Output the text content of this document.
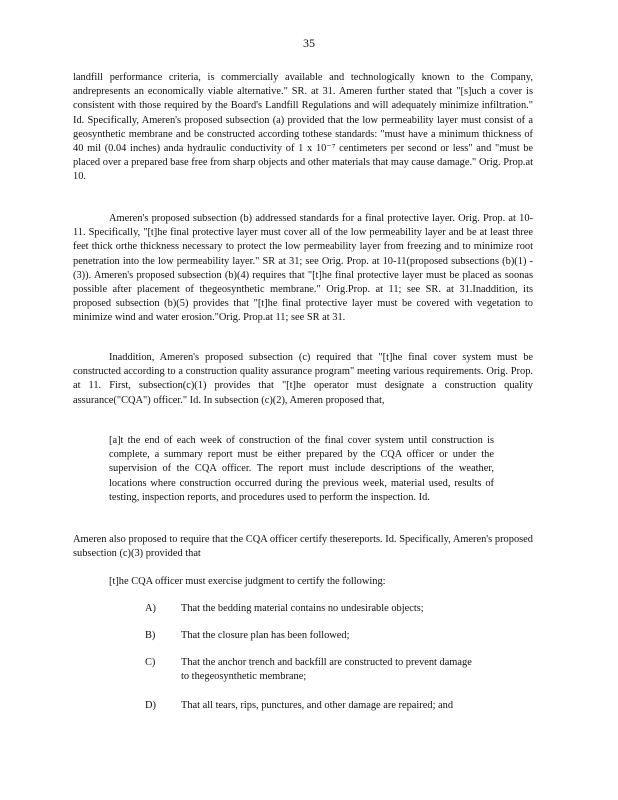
35

landfill performance criteria, is commercially available and technologically known to the Company, andrepresents an economically viable alternative." SR. at 31. Ameren further stated that "[s]uch a cover is consistent with those required by the Board's Landfill Regulations and will adequately minimize infiltration." Id. Specifically, Ameren's proposed subsection (a) provided that the low permeability layer must consist of a geosynthetic membrane and be constructed according tothese standards: "must have a minimum thickness of 40 mil (0.04 inches) anda hydraulic conductivity of 1 x 10⁻⁷ centimeters per second or less" and "must be placed over a prepared base free from sharp objects and other materials that may cause damage." Orig. Prop.at 10.

Ameren's proposed subsection (b) addressed standards for a final protective layer. Orig. Prop. at 10-11. Specifically, "[t]he final protective layer must cover all of the low permeability layer and be at least three feet thick orthe thickness necessary to protect the low permeability layer from freezing and to minimize root penetration into the low permeability layer." SR at 31; see Orig. Prop. at 10-11(proposed subsections (b)(1) - (3)). Ameren's proposed subsection (b)(4) requires that "[t]he final protective layer must be placed as soonas possible after placement of thegeosynthetic membrane." Orig.Prop. at 11; see SR. at 31.Inaddition, its proposed subsection (b)(5) provides that "[t]he final protective layer must be covered with vegetation to minimize wind and water erosion."Orig. Prop.at 11; see SR at 31.

Inaddition, Ameren's proposed subsection (c) required that "[t]he final cover system must be constructed according to a construction quality assurance program" meeting various requirements. Orig. Prop. at 11. First, subsection(c)(1) provides that "[t]he operator must designate a construction quality assurance("CQA") officer." Id. In subsection (c)(2), Ameren proposed that,

[a]t the end of each week of construction of the final cover system until construction is complete, a summary report must be either prepared by the CQA officer or under the supervision of the CQA officer. The report must include descriptions of the weather, locations where construction occurred during the previous week, material used, results of testing, inspection reports, and procedures used to perform the inspection. Id.

Ameren also proposed to require that the CQA officer certify thesereports. Id. Specifically, Ameren's proposed subsection (c)(3) provided that

[t]he CQA officer must exercise judgment to certify the following:

A)	That the bedding material contains no undesirable objects;
B)	That the closure plan has been followed;
C)	That the anchor trench and backfill are constructed to prevent damage to thegeosynthetic membrane;
D)	That all tears, rips, punctures, and other damage are repaired; and
